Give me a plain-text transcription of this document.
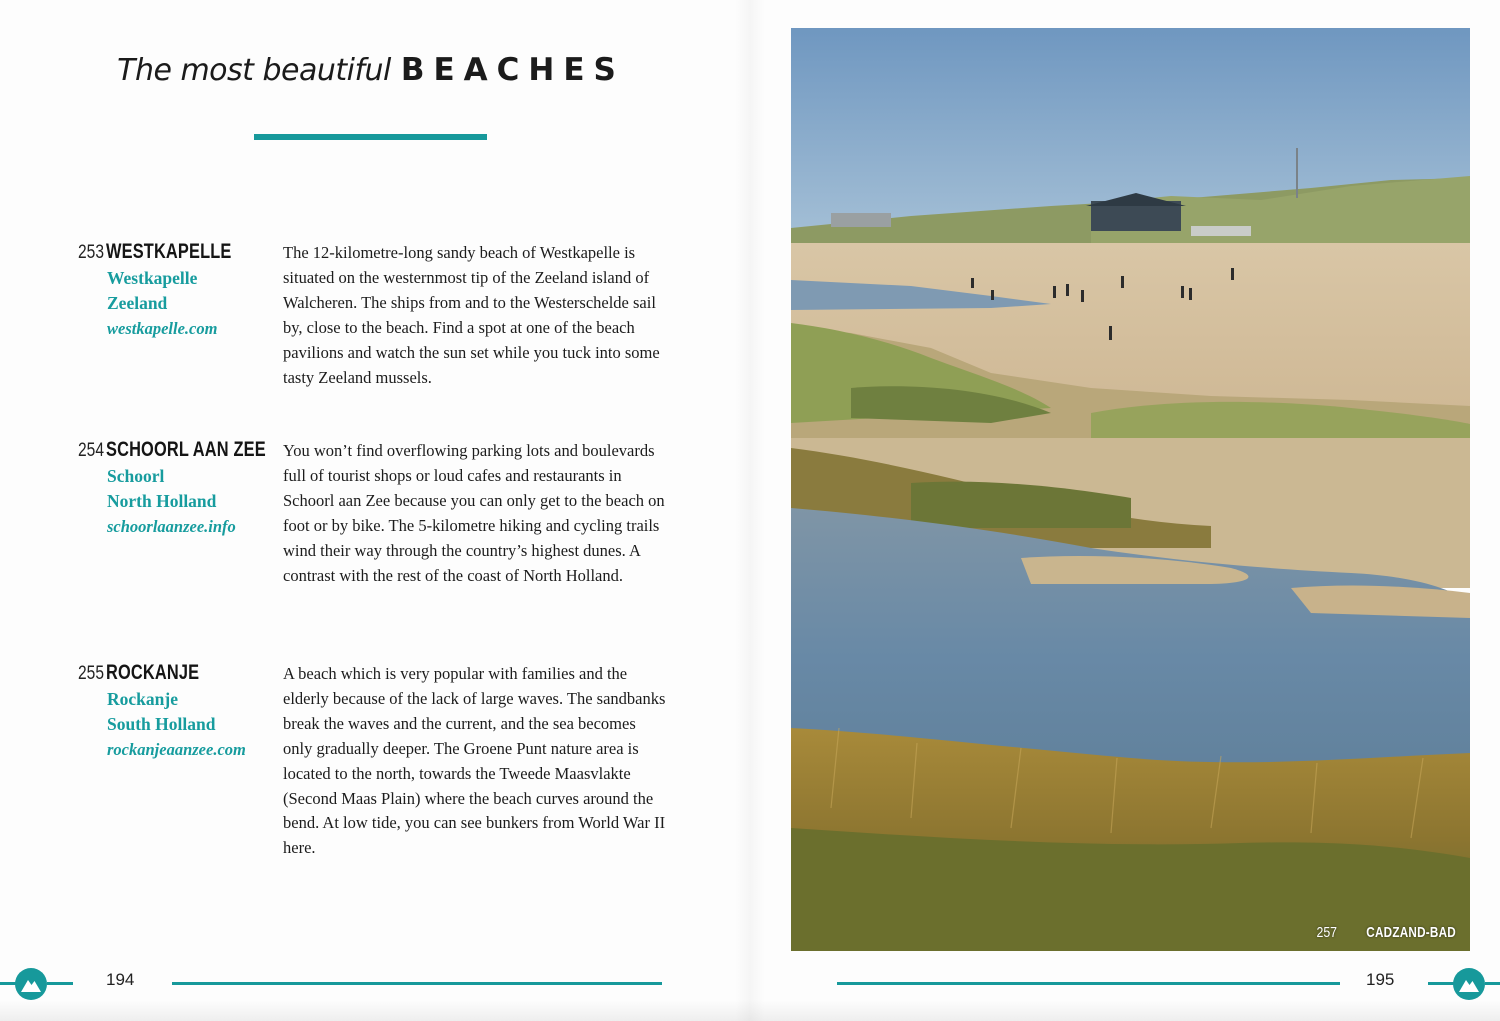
The most beautiful BEACHES
253WESTKAPELLE
Westkapelle
Zeeland
westkapelle.com
The 12-kilometre-long sandy beach of Westkapelle is situated on the westernmost tip of the Zeeland island of Walcheren. The ships from and to the Westerschelde sail by, close to the beach. Find a spot at one of the beach pavilions and watch the sun set while you tuck into some tasty Zeeland mussels.
254SCHOORL AAN ZEE
Schoorl
North Holland
schoorlaanzee.info
You won’t find overflowing parking lots and boulevards full of tourist shops or loud cafes and restaurants in Schoorl aan Zee because you can only get to the beach on foot or by bike. The 5-kilometre hiking and cycling trails wind their way through the country’s highest dunes. A contrast with the rest of the coast of North Holland.
255ROCKANJE
Rockanje
South Holland
rockanjeaanzee.com
A beach which is very popular with families and the elderly because of the lack of large waves. The sandbanks break the waves and the current, and the sea becomes only gradually deeper. The Groene Punt nature area is located to the north, towards the Tweede Maasvlakte (Second Maas Plain) where the beach curves around the bend. At low tide, you can see bunkers from World War II here.
257 CADZAND-BAD
194	195
